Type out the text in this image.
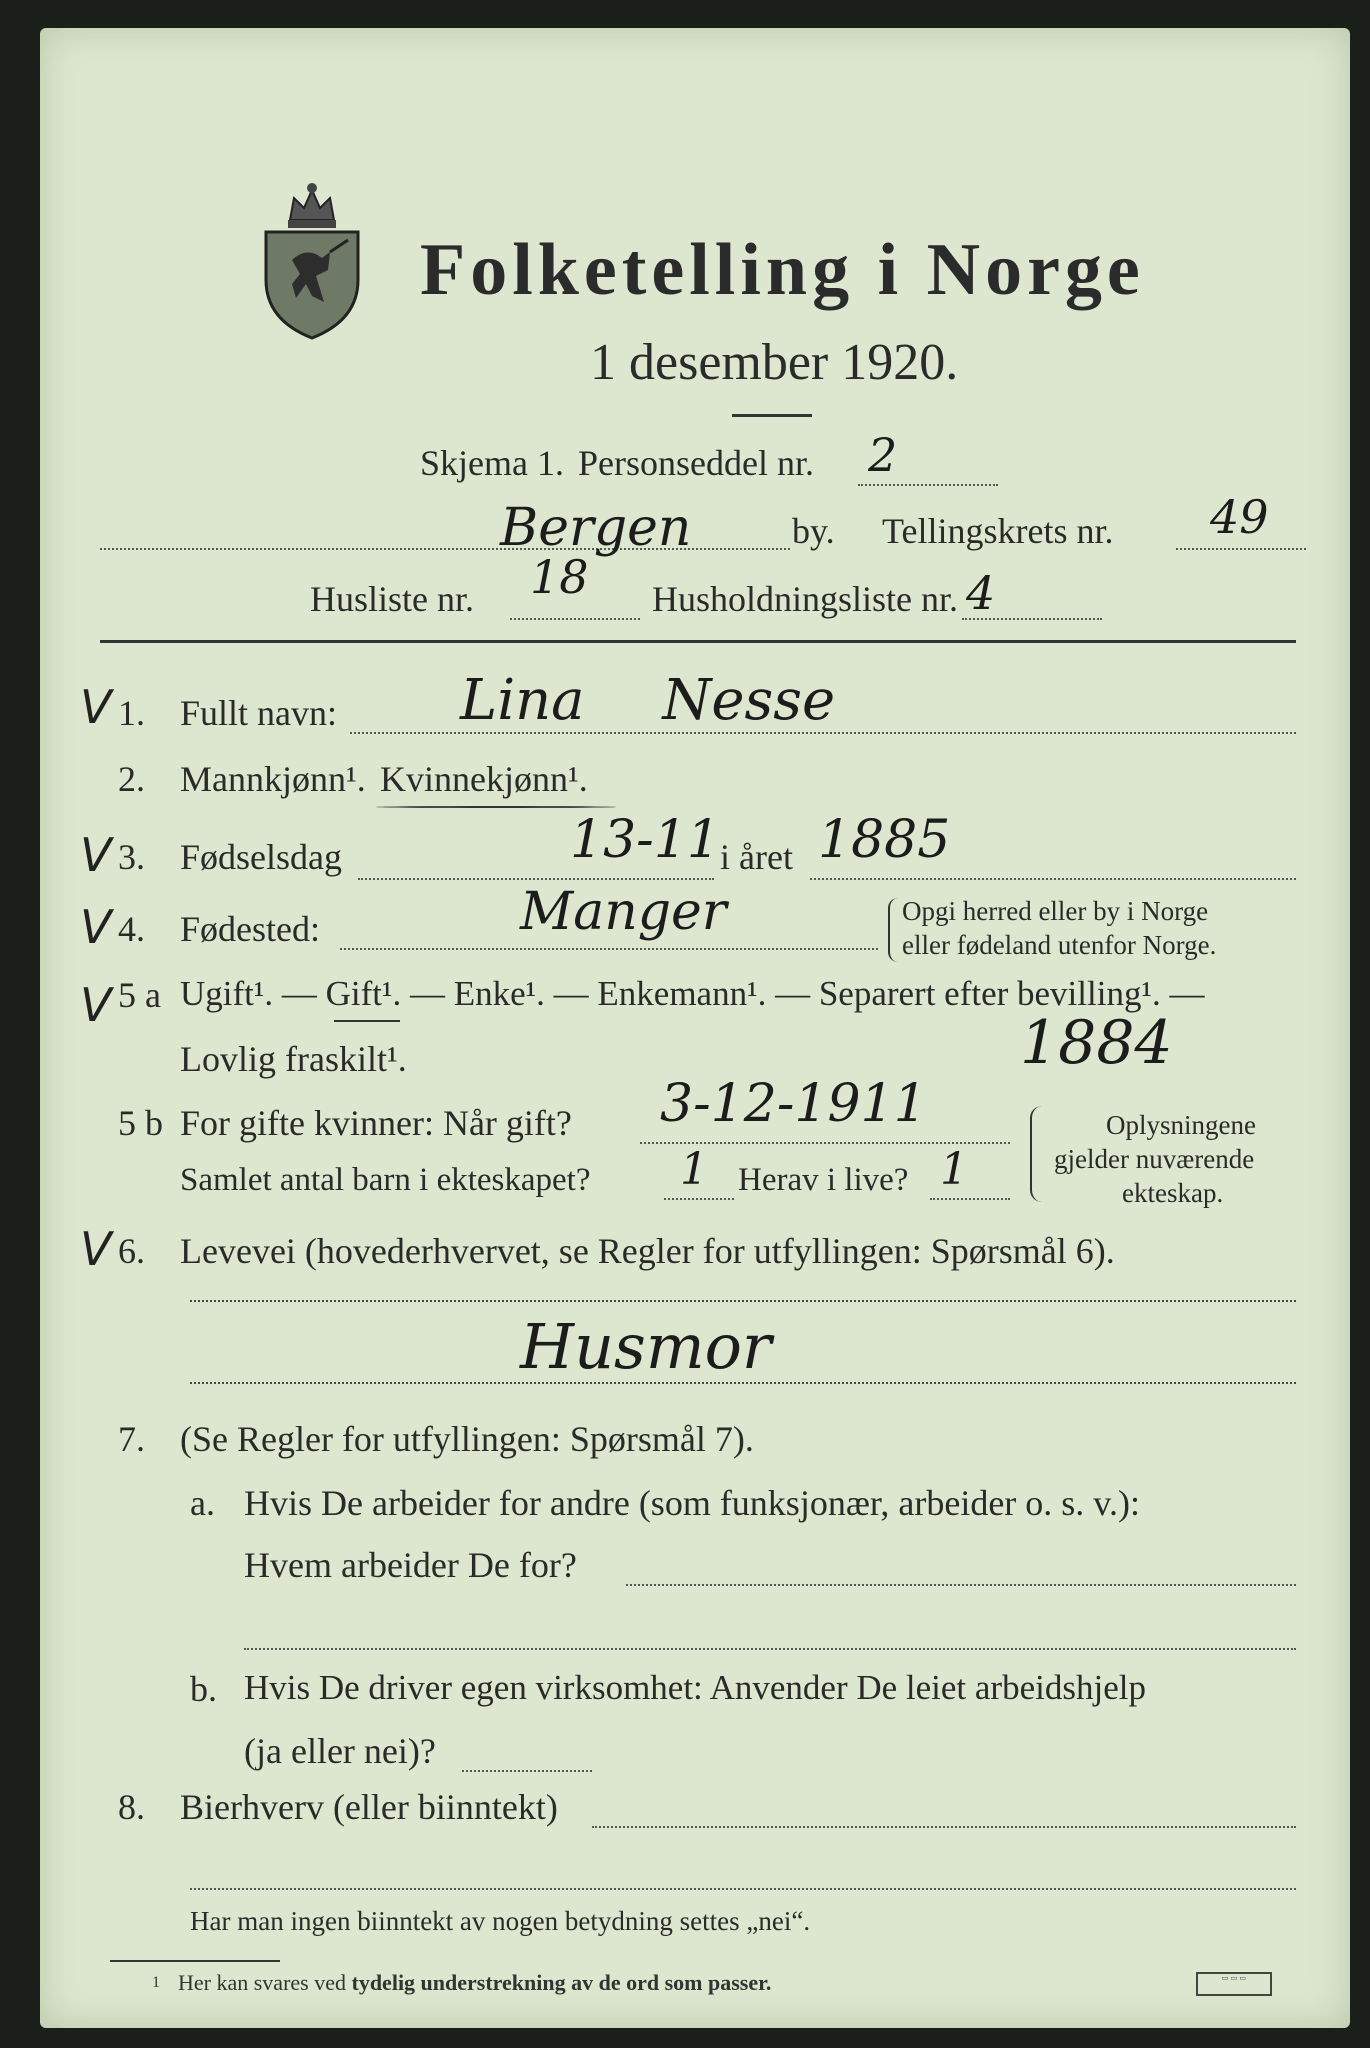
Folketelling i Norge
1 desember 1920.
Skjema 1. Personseddel nr. 2
Bergen	by. Tellingskrets nr. 49
Husliste nr. 18 Husholdningsliste nr. 4
V 1. Fullt navn: Lina Nesse
2. Mannkjønn¹. Kvinnekjønn¹.
V 3. Fødselsdag	13-11 i året 1885
V 4. Fødested:	Manger	Opgi herred eller by i Norge
eller fødeland utenfor Norge.
V 5 a Ugift¹. — Gift¹. — Enke¹. — Enkemann¹. — Separert efter bevilling¹. —
Lovlig fraskilt¹.	1884
5 b For gifte kvinner: Når gift? 3-12-1911
Samlet antal barn i ekteskapet? 1 Herav i live? 1
Oplysningene
gjelder nuværende
ekteskap.
V 6. Levevei (hovederhvervet, se Regler for utfyllingen: Spørsmål 6).
Husmor
7. (Se Regler for utfyllingen: Spørsmål 7).
a. Hvis De arbeider for andre (som funksjonær, arbeider o. s. v.):
Hvem arbeider De for?
b. Hvis De driver egen virksomhet: Anvender De leiet arbeidshjelp
(ja eller nei)?
8. Bierhverv (eller biinntekt)
Har man ingen biinntekt av nogen betydning settes „nei“.
1 Her kan svares ved tydelig understrekning av de ord som passer.	▭ ▭ ▭
